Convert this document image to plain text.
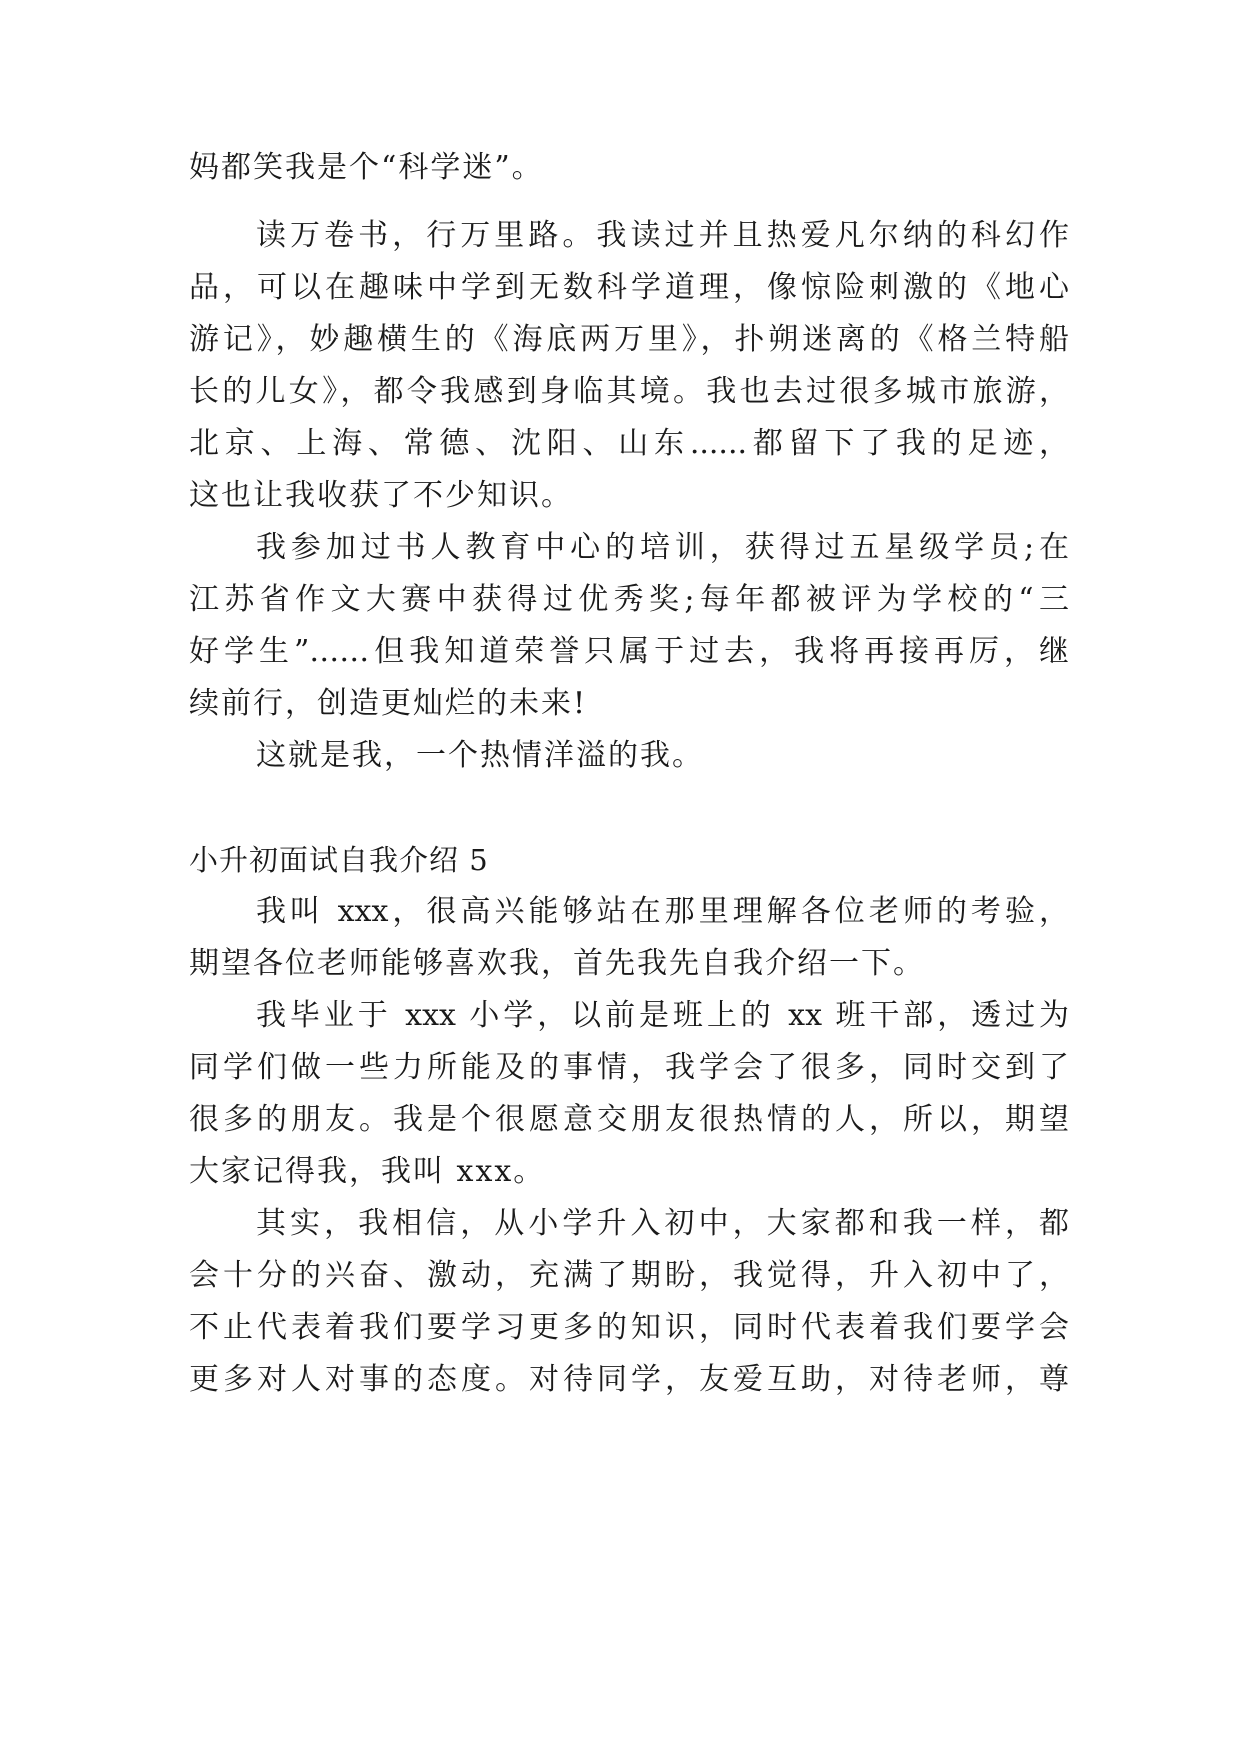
妈都笑我是个“科学迷”。
读万卷书，行万里路。我读过并且热爱凡尔纳的科幻作
品，可以在趣味中学到无数科学道理，像惊险刺激的《地心
游记》，妙趣横生的《海底两万里》，扑朔迷离的《格兰特船
长的儿女》，都令我感到身临其境。我也去过很多城市旅游，
北京、上海、常德、沈阳、山东......都留下了我的足迹，
这也让我收获了不少知识。
我参加过书人教育中心的培训，获得过五星级学员;在
江苏省作文大赛中获得过优秀奖;每年都被评为学校的“三
好学生”……但我知道荣誉只属于过去，我将再接再厉，继
续前行，创造更灿烂的未来!
这就是我，一个热情洋溢的我。
小升初面试自我介绍 5
我叫 xxx，很高兴能够站在那里理解各位老师的考验，
期望各位老师能够喜欢我，首先我先自我介绍一下。
我毕业于 xxx 小学，以前是班上的 xx 班干部，透过为
同学们做一些力所能及的事情，我学会了很多，同时交到了
很多的朋友。我是个很愿意交朋友很热情的人，所以，期望
大家记得我，我叫 xxx。
其实，我相信，从小学升入初中，大家都和我一样，都
会十分的兴奋、激动，充满了期盼，我觉得，升入初中了，
不止代表着我们要学习更多的知识，同时代表着我们要学会
更多对人对事的态度。对待同学，友爱互助，对待老师，尊
